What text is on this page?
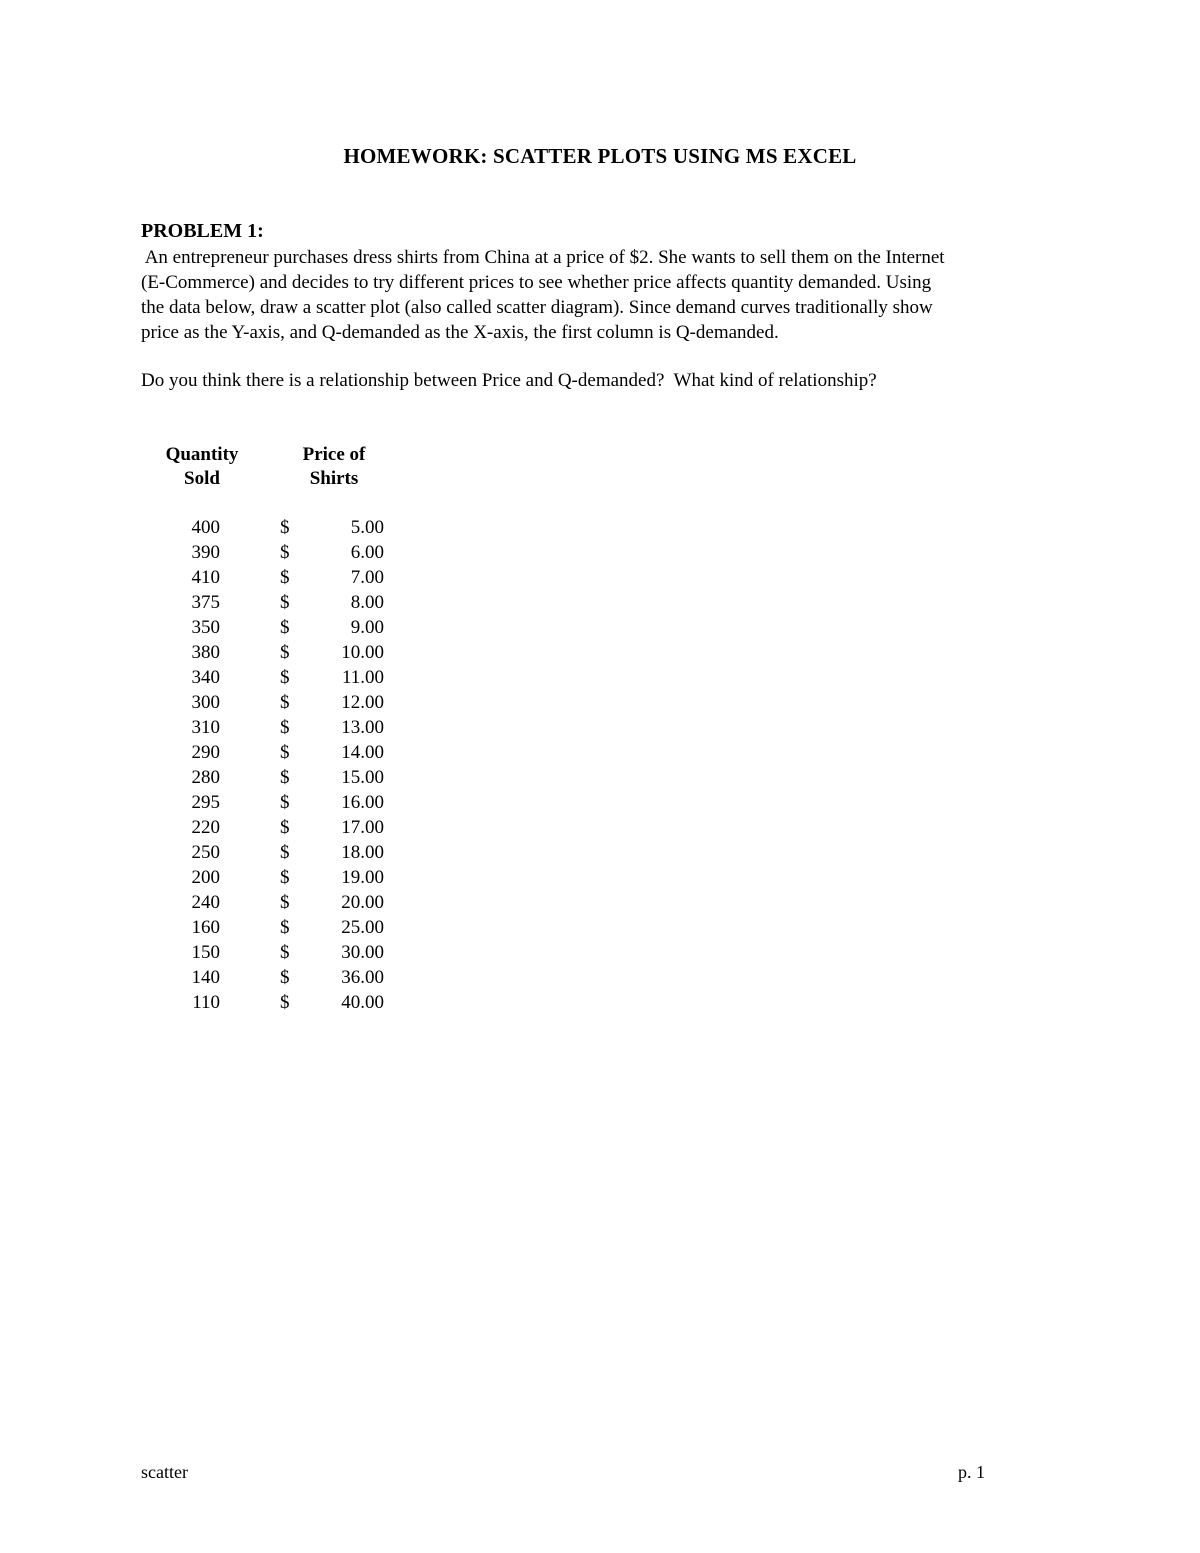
HOMEWORK: SCATTER PLOTS USING MS EXCEL
PROBLEM 1:
An entrepreneur purchases dress shirts from China at a price of $2. She wants to sell them on the Internet
(E-Commerce) and decides to try different prices to see whether price affects quantity demanded. Using
the data below, draw a scatter plot (also called scatter diagram). Since demand curves traditionally show
price as the Y-axis, and Q-demanded as the X-axis, the first column is Q-demanded.
Do you think there is a relationship between Price and Q-demanded?  What kind of relationship?
Quantity
Sold
Price of
Shirts
400	$	5.00
390	$	6.00
410	$	7.00
375	$	8.00
350	$	9.00
380	$	10.00
340	$	11.00
300	$	12.00
310	$	13.00
290	$	14.00
280	$	15.00
295	$	16.00
220	$	17.00
250	$	18.00
200	$	19.00
240	$	20.00
160	$	25.00
150	$	30.00
140	$	36.00
110	$	40.00
scatter	p. 1
